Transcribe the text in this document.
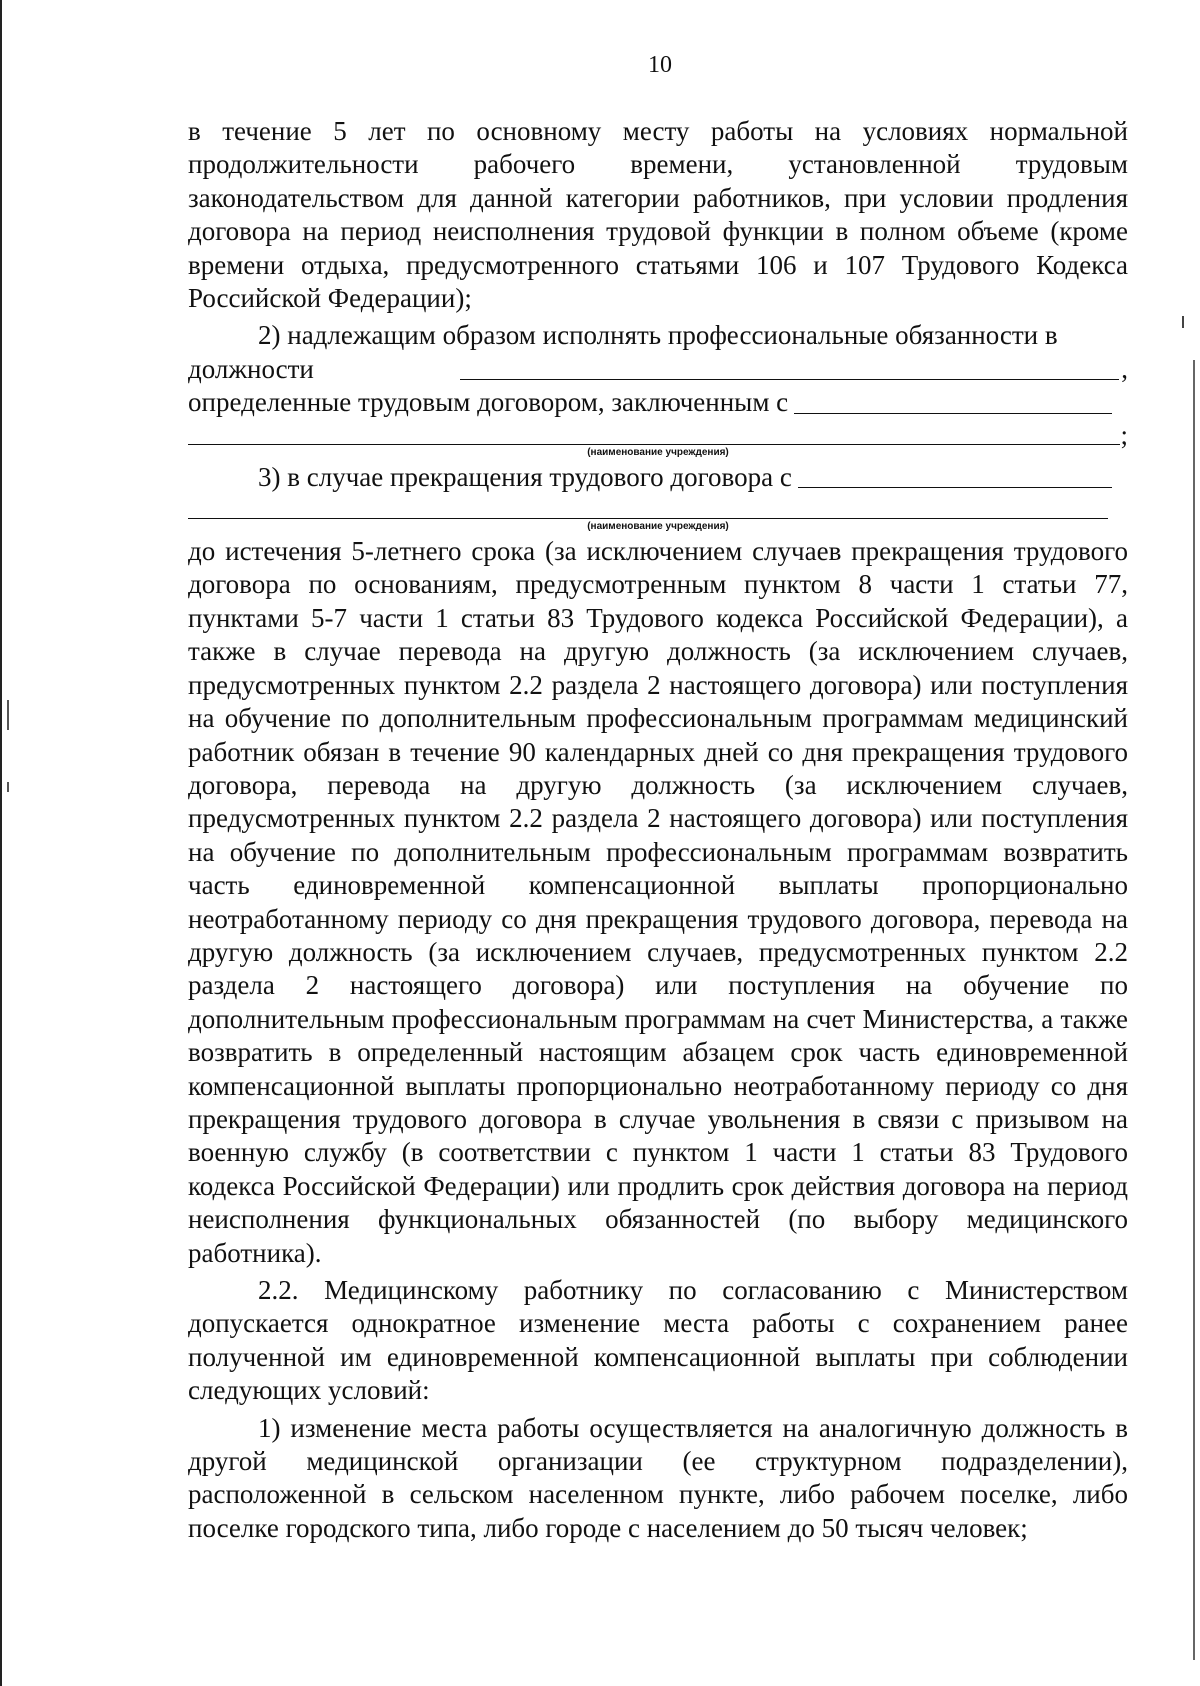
10

в течение 5 лет по основному месту работы на условиях нормальной продолжительности рабочего времени, установленной трудовым законодательством для данной категории работников, при условии продления договора на период неисполнения трудовой функции в полном объеме (кроме времени отдыха, предусмотренного статьями 106 и 107 Трудового Кодекса Российской Федерации);

2) надлежащим образом исполнять профессиональные обязанности в

должности	,
определенные трудовым договором, заключенным с
;
(наименование учреждения)
3) в случае прекращения трудового договора с
(наименование учреждения)

до истечения 5-летнего срока (за исключением случаев прекращения трудового договора по основаниям, предусмотренным пунктом 8 части 1 статьи 77, пунктами 5-7 части 1 статьи 83 Трудового кодекса Российской Федерации), а также в случае перевода на другую должность (за исключением случаев, предусмотренных пунктом 2.2 раздела 2 настоящего договора) или поступления на обучение по дополнительным профессиональным программам медицинский работник обязан в течение 90 календарных дней со дня прекращения трудового договора, перевода на другую должность (за исключением случаев, предусмотренных пунктом 2.2 раздела 2 настоящего договора) или поступления на обучение по дополнительным профессиональным программам возвратить часть единовременной компенсационной выплаты пропорционально неотработанному периоду со дня прекращения трудового договора, перевода на другую должность (за исключением случаев, предусмотренных пунктом 2.2 раздела 2 настоящего договора) или поступления на обучение по дополнительным профессиональным программам на счет Министерства, а также возвратить в определенный настоящим абзацем срок часть единовременной компенсационной выплаты пропорционально неотработанному периоду со дня прекращения трудового договора в случае увольнения в связи с призывом на военную службу (в соответствии с пунктом 1 части 1 статьи 83 Трудового кодекса Российской Федерации) или продлить срок действия договора на период неисполнения функциональных обязанностей (по выбору медицинского работника).

2.2. Медицинскому работнику по согласованию с Министерством допускается однократное изменение места работы с сохранением ранее полученной им единовременной компенсационной выплаты при соблюдении следующих условий:

1) изменение места работы осуществляется на аналогичную должность в другой медицинской организации (ее структурном подразделении), расположенной в сельском населенном пункте, либо рабочем поселке, либо поселке городского типа, либо городе с населением до 50 тысяч человек;
